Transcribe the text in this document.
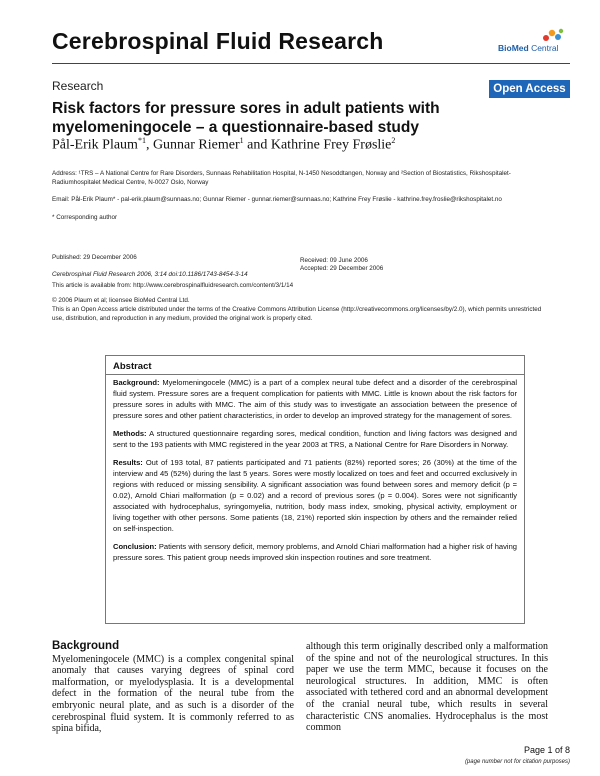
Cerebrospinal Fluid Research	BioMed Central
Research	Open Access
Risk factors for pressure sores in adult patients with myelomeningocele – a questionnaire-based study
Pål-Erik Plaum$^{*1}$, Gunnar Riemer$^1$ and Kathrine Frey Frøslie$^2$
Address: ¹TRS – A National Centre for Rare Disorders, Sunnaas Rehabilitation Hospital, N-1450 Nesoddtangen, Norway and ²Section of Biostatistics, Rikshospitalet-Radiumhospitalet Medical Centre, N-0027 Oslo, Norway
Email: Pål-Erik Plaum* - pal-erik.plaum@sunnaas.no; Gunnar Riemer - gunnar.riemer@sunnaas.no; Kathrine Frey Frøslie - kathrine.frey.froslie@rikshospitalet.no
* Corresponding author
Published: 29 December 2006
Cerebrospinal Fluid Research 2006, 3:14 doi:10.1186/1743-8454-3-14
Received: 09 June 2006
Accepted: 29 December 2006
This article is available from: http://www.cerebrospinalfluidresearch.com/content/3/1/14
© 2006 Plaum et al; licensee BioMed Central Ltd.
This is an Open Access article distributed under the terms of the Creative Commons Attribution License (http://creativecommons.org/licenses/by/2.0), which permits unrestricted use, distribution, and reproduction in any medium, provided the original work is properly cited.
Abstract

Background: Myelomeningocele (MMC) is a part of a complex neural tube defect and a disorder of the cerebrospinal fluid system. Pressure sores are a frequent complication for patients with MMC. Little is known about the risk factors for pressure sores in adults with MMC. The aim of this study was to investigate an association between the presence of pressure sores and other patient characteristics, in order to develop an improved strategy for the management of sores.

Methods: A structured questionnaire regarding sores, medical condition, function and living factors was designed and sent to the 193 patients with MMC registered in the year 2003 at TRS, a National Centre for Rare Disorders in Norway.

Results: Out of 193 total, 87 patients participated and 71 patients (82%) reported sores; 26 (30%) at the time of the interview and 45 (52%) during the last 5 years. Sores were mostly localized on toes and feet and occurred exclusively in regions with reduced or missing sensibility. A significant association was found between sores and memory deficit (p = 0.02), Arnold Chiari malformation (p = 0.02) and a record of previous sores (p = 0.004). Sores were not significantly associated with hydrocephalus, syringomyelia, nutrition, body mass index, smoking, physical activity, employment or living together with other persons. Some patients (18, 21%) reported skin inspection by others and the remainder relied on self-inspection.

Conclusion: Patients with sensory deficit, memory problems, and Arnold Chiari malformation had a higher risk of having pressure sores. This patient group needs improved skin inspection routines and sore treatment.

Background
Myelomeningocele (MMC) is a complex congenital spinal anomaly that causes varying degrees of spinal cord malformation, or myelodysplasia. It is a developmental defect in the formation of the neural tube from the embryonic neural plate, and as such is a disorder of the cerebrospinal fluid system. It is commonly referred to as spina bifida,
although this term originally described only a malformation of the spine and not of the neurological structures. In this paper we use the term MMC, because it focuses on the neurological structures. In addition, MMC is often associated with tethered cord and an abnormal development of the cranial neural tube, which results in several characteristic CNS anomalies. Hydrocephalus is the most common
Page 1 of 8
(page number not for citation purposes)
